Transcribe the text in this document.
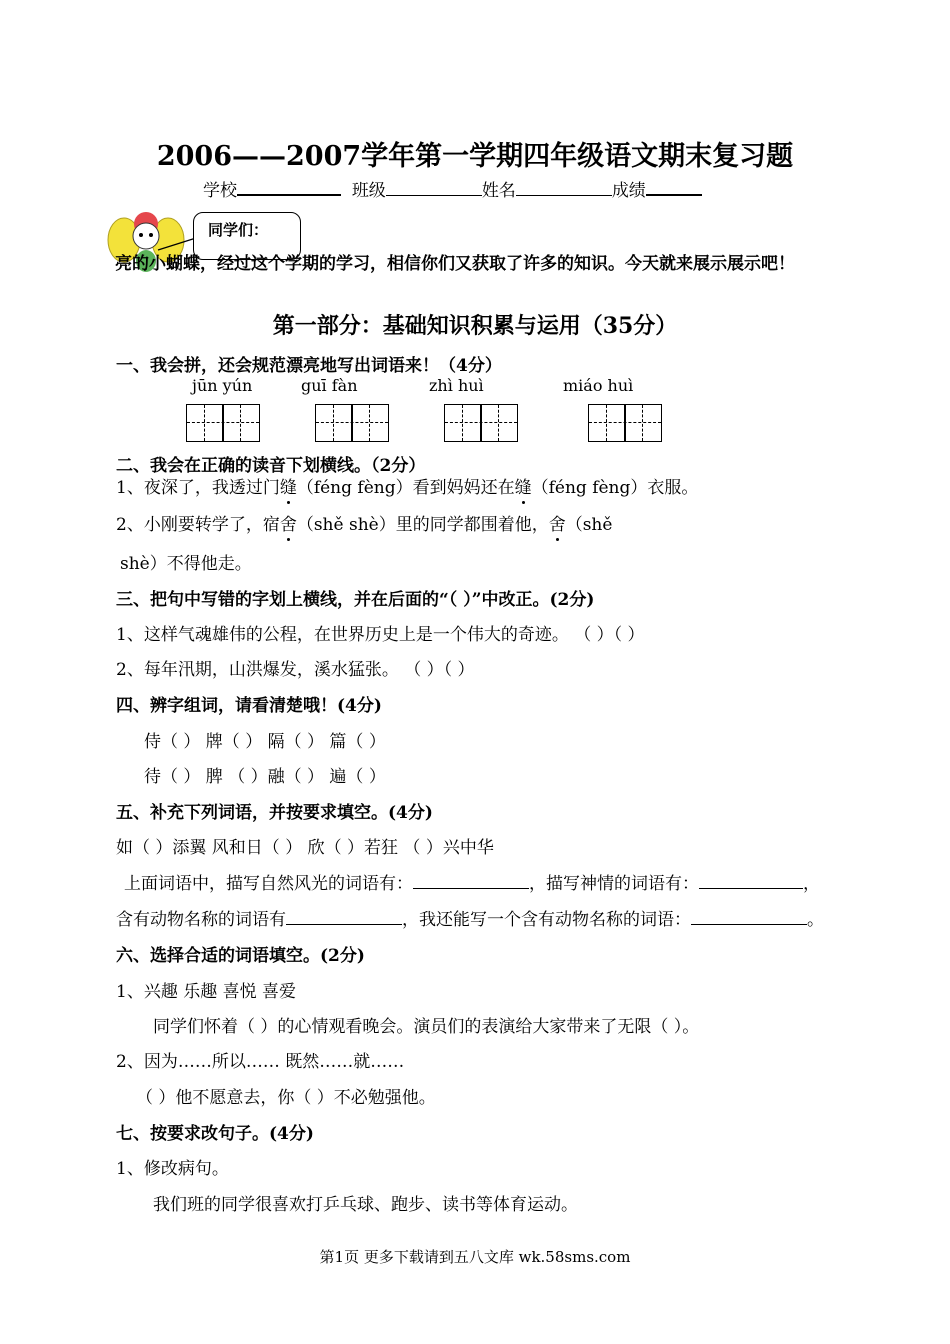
2006——2007学年第一学期四年级语文期末复习题
学校	班级	姓名	成绩
同学们：
亮的小蝴蝶，经过这个学期的学习，相信你们又获取了许多的知识。今天就来展示展示吧！
第一部分：基础知识积累与运用（35分）
一、我会拼，还会规范漂亮地写出词语来！（4分）
jūn yún	guī fàn	zhì huì	miáo huì
二、我会在正确的读音下划横线。（2分）
1、夜深了，我透过门缝（féng fèng）看到妈妈还在缝（féng fèng）衣服。
2、小刚要转学了，宿舍（shě shè）里的同学都围着他，舍（shě
shè）不得他走。
三、把句中写错的字划上横线，并在后面的“（ ）”中改正。(2分)
1、这样气魂雄伟的公程，在世界历史上是一个伟大的奇迹。 （ ）（ ）
2、每年汛期，山洪爆发，溪水猛张。 （ ）（ ）
四、辨字组词，请看清楚哦！(4分)
侍（ ） 牌（ ） 隔（ ） 篇（ ）
待（ ） 脾 （ ）融（ ） 遍（ ）
五、补充下列词语，并按要求填空。(4分)
如（ ）添翼 风和日（ ） 欣（ ）若狂 （ ）兴中华
上面词语中，描写自然风光的词语有：	，描写神情的词语有：	，
含有动物名称的词语有	，我还能写一个含有动物名称的词语：	。
六、选择合适的词语填空。(2分)
1、兴趣 乐趣 喜悦 喜爱
同学们怀着（ ）的心情观看晚会。演员们的表演给大家带来了无限（ ）。
2、因为……所以…… 既然……就……
（ ）他不愿意去，你（ ）不必勉强他。
七、按要求改句子。(4分)
1、修改病句。
我们班的同学很喜欢打乒乓球、跑步、读书等体育运动。
第1页 更多下载请到五八文库 wk.58sms.com
